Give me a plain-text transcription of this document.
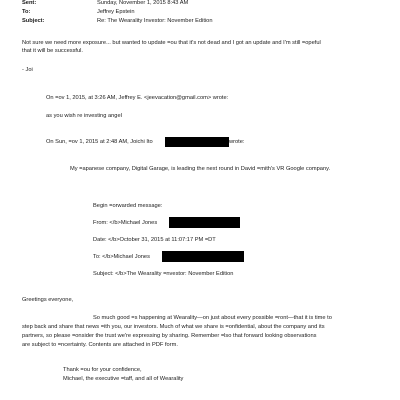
Sent:	Sunday, November 1, 2015 8:43 AM
To:	Jeffrey Epstein
Subject:	Re: The Wearality Investor: November Edition
Not sure we need more exposure... but wanted to update =ou that it's not dead and I got an update and I'm still =opeful
that it will be successful.
- Joi
On =ov 1, 2015, at 3:26 AM, Jeffrey E. <jeevacation@gmail.com> wrote:
as you wish re investing angel
On Sun, =ov 1, 2015 at 2:48 AM, Joichi Ito	wrote:
My =apanese company, Digital Garage, is leading the next round in David =mith's VR Google company.
Begin =orwarded message:
From: </b>Michael Jones
Date: </b>October 31, 2015 at 11:07:17 PM =DT
To: </b>Michael Jones
Subject: </b>The Wearality =nvestor: November Edition
Greetings everyone,
So much good =s happening at Wearality—on just about every possible =ront—that it is time to
step back and share that news =ith you, our investors. Much of what we share is =onfidential, about the company and its
partners, so please =onsider the trust we're expressing by sharing. Remember =lso that forward looking observations
are subject to =ncertainty. Contents are attached in PDF form.
Thank =ou for your confidence,
Michael, the executive =taff, and all of Wearality
